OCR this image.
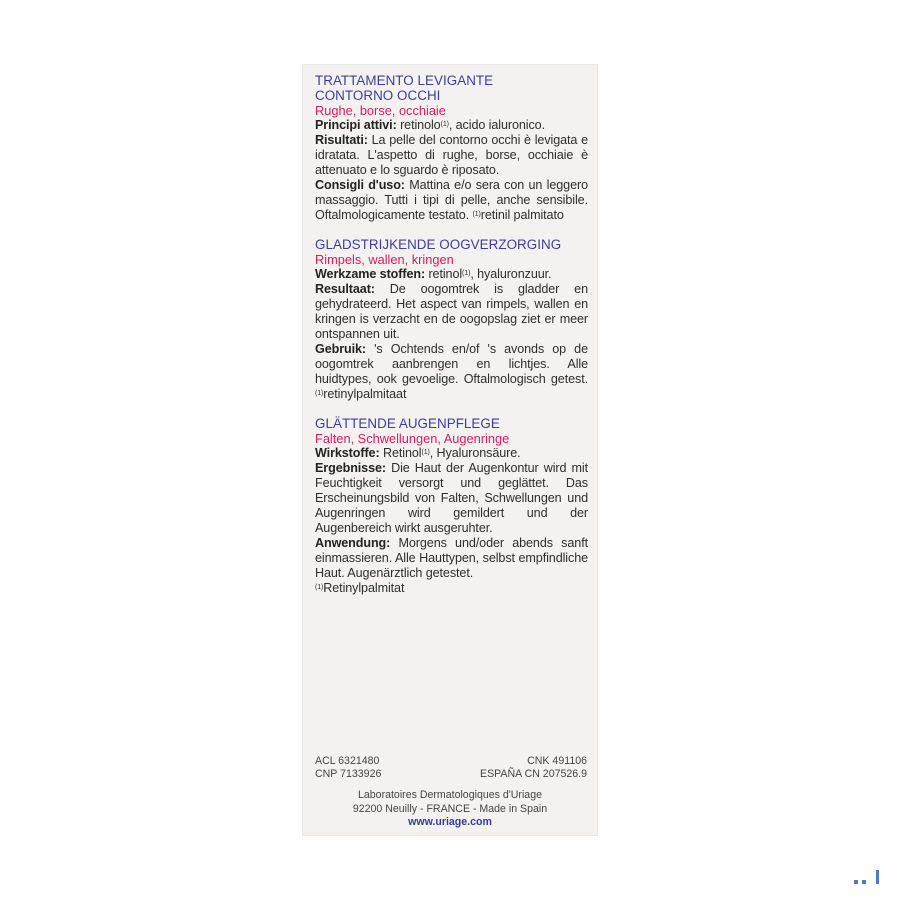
TRATTAMENTO LEVIGANTE
CONTORNO OCCHI
Rughe, borse, occhiaie
Principi attivi: retinolo$^{(1)}$, acido ialuronico.
Risultati: La pelle del contorno occhi è levigata e idratata. L'aspetto di rughe, borse, occhiaie è attenuato e lo sguardo è riposato.
Consigli d'uso: Mattina e/o sera con un leggero massaggio. Tutti i tipi di pelle, anche sensibile. Oftalmologicamente testato. $^{(1)}$retinil palmitato
GLADSTRIJKENDE OOGVERZORGING
Rimpels, wallen, kringen
Werkzame stoffen: retinol$^{(1)}$, hyaluronzuur.
Resultaat: De oogomtrek is gladder en gehydrateerd. Het aspect van rimpels, wallen en kringen is verzacht en de oogopslag ziet er meer ontspannen uit.
Gebruik: 's Ochtends en/of 's avonds op de oogomtrek aanbrengen en lichtjes. Alle huidtypes, ook gevoelige. Oftalmologisch getest. $^{(1)}$retinylpalmitaat
GLÄTTENDE AUGENPFLEGE
Falten, Schwellungen, Augenringe
Wirkstoffe: Retinol$^{(1)}$, Hyaluronsäure.
Ergebnisse: Die Haut der Augenkontur wird mit Feuchtigkeit versorgt und geglättet. Das Erscheinungsbild von Falten, Schwellungen und Augenringen wird gemildert und der Augenbereich wirkt ausgeruhter.
Anwendung: Morgens und/oder abends sanft einmassieren. Alle Hauttypen, selbst empfindliche Haut. Augenärztlich getestet.
$^{(1)}$Retinylpalmitat
ACL 6321480	CNK 491106
CNP 7133926	ESPAÑA CN 207526.9
Laboratoires Dermatologiques d'Uriage
92200 Neuilly - FRANCE - Made in Spain
www.uriage.com
